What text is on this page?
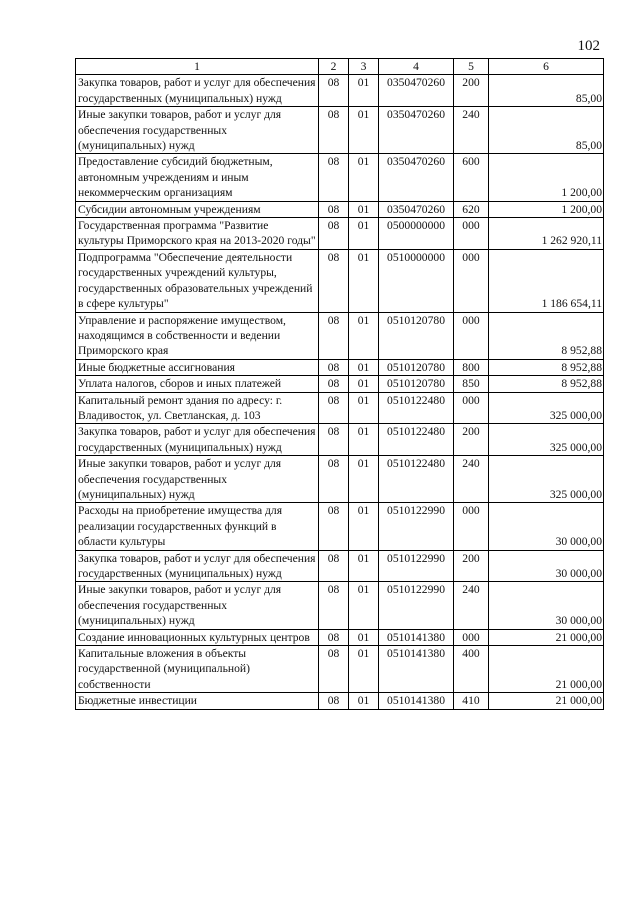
102
1	2	3	4	5	6
Закупка товаров, работ и услуг для обеспечения государственных (муниципальных) нужд	08	01	0350470260	200	85,00
Иные закупки товаров, работ и услуг для обеспечения государственных (муниципальных) нужд	08	01	0350470260	240	85,00
Предоставление субсидий бюджетным, автономным учреждениям и иным некоммерческим организациям	08	01	0350470260	600	1 200,00
Субсидии автономным учреждениям	08	01	0350470260	620	1 200,00
Государственная программа "Развитие культуры Приморского края на 2013-2020 годы"	08	01	0500000000	000	1 262 920,11
Подпрограмма "Обеспечение деятельности государственных учреждений культуры, государственных образовательных учреждений в сфере культуры"	08	01	0510000000	000	1 186 654,11
Управление и распоряжение имуществом, находящимся в собственности и ведении Приморского края	08	01	0510120780	000	8 952,88
Иные бюджетные ассигнования	08	01	0510120780	800	8 952,88
Уплата налогов, сборов и иных платежей	08	01	0510120780	850	8 952,88
Капитальный ремонт здания по адресу: г. Владивосток, ул. Светланская, д. 103	08	01	0510122480	000	325 000,00
Закупка товаров, работ и услуг для обеспечения государственных (муниципальных) нужд	08	01	0510122480	200	325 000,00
Иные закупки товаров, работ и услуг для обеспечения государственных (муниципальных) нужд	08	01	0510122480	240	325 000,00
Расходы на приобретение имущества для реализации государственных функций в области культуры	08	01	0510122990	000	30 000,00
Закупка товаров, работ и услуг для обеспечения государственных (муниципальных) нужд	08	01	0510122990	200	30 000,00
Иные закупки товаров, работ и услуг для обеспечения государственных (муниципальных) нужд	08	01	0510122990	240	30 000,00
Создание инновационных культурных центров	08	01	0510141380	000	21 000,00
Капитальные вложения в объекты государственной (муниципальной) собственности	08	01	0510141380	400	21 000,00
Бюджетные инвестиции	08	01	0510141380	410	21 000,00
